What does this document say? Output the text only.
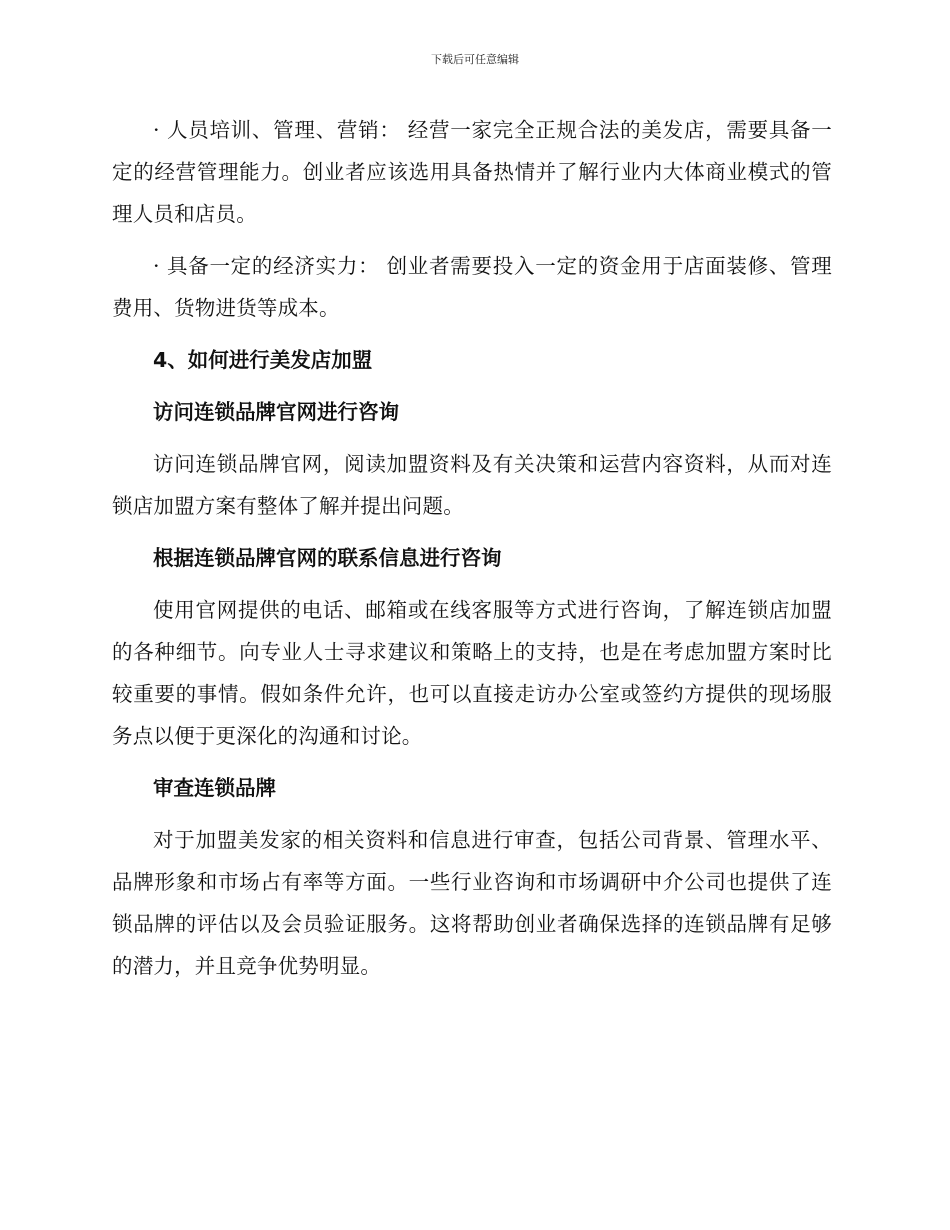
下载后可任意编辑

· 人员培训、管理、营销： 经营一家完全正规合法的美发店，需要具备一定的经营管理能力。创业者应该选用具备热情并了解行业内大体商业模式的管理人员和店员。

· 具备一定的经济实力： 创业者需要投入一定的资金用于店面装修、管理费用、货物进货等成本。

4、如何进行美发店加盟

访问连锁品牌官网进行咨询

访问连锁品牌官网，阅读加盟资料及有关决策和运营内容资料，从而对连锁店加盟方案有整体了解并提出问题。

根据连锁品牌官网的联系信息进行咨询

使用官网提供的电话、邮箱或在线客服等方式进行咨询，了解连锁店加盟的各种细节。向专业人士寻求建议和策略上的支持，也是在考虑加盟方案时比较重要的事情。假如条件允许，也可以直接走访办公室或签约方提供的现场服务点以便于更深化的沟通和讨论。

审查连锁品牌

对于加盟美发家的相关资料和信息进行审查，包括公司背景、管理水平、品牌形象和市场占有率等方面。一些行业咨询和市场调研中介公司也提供了连锁品牌的评估以及会员验证服务。这将帮助创业者确保选择的连锁品牌有足够的潜力，并且竞争优势明显。
